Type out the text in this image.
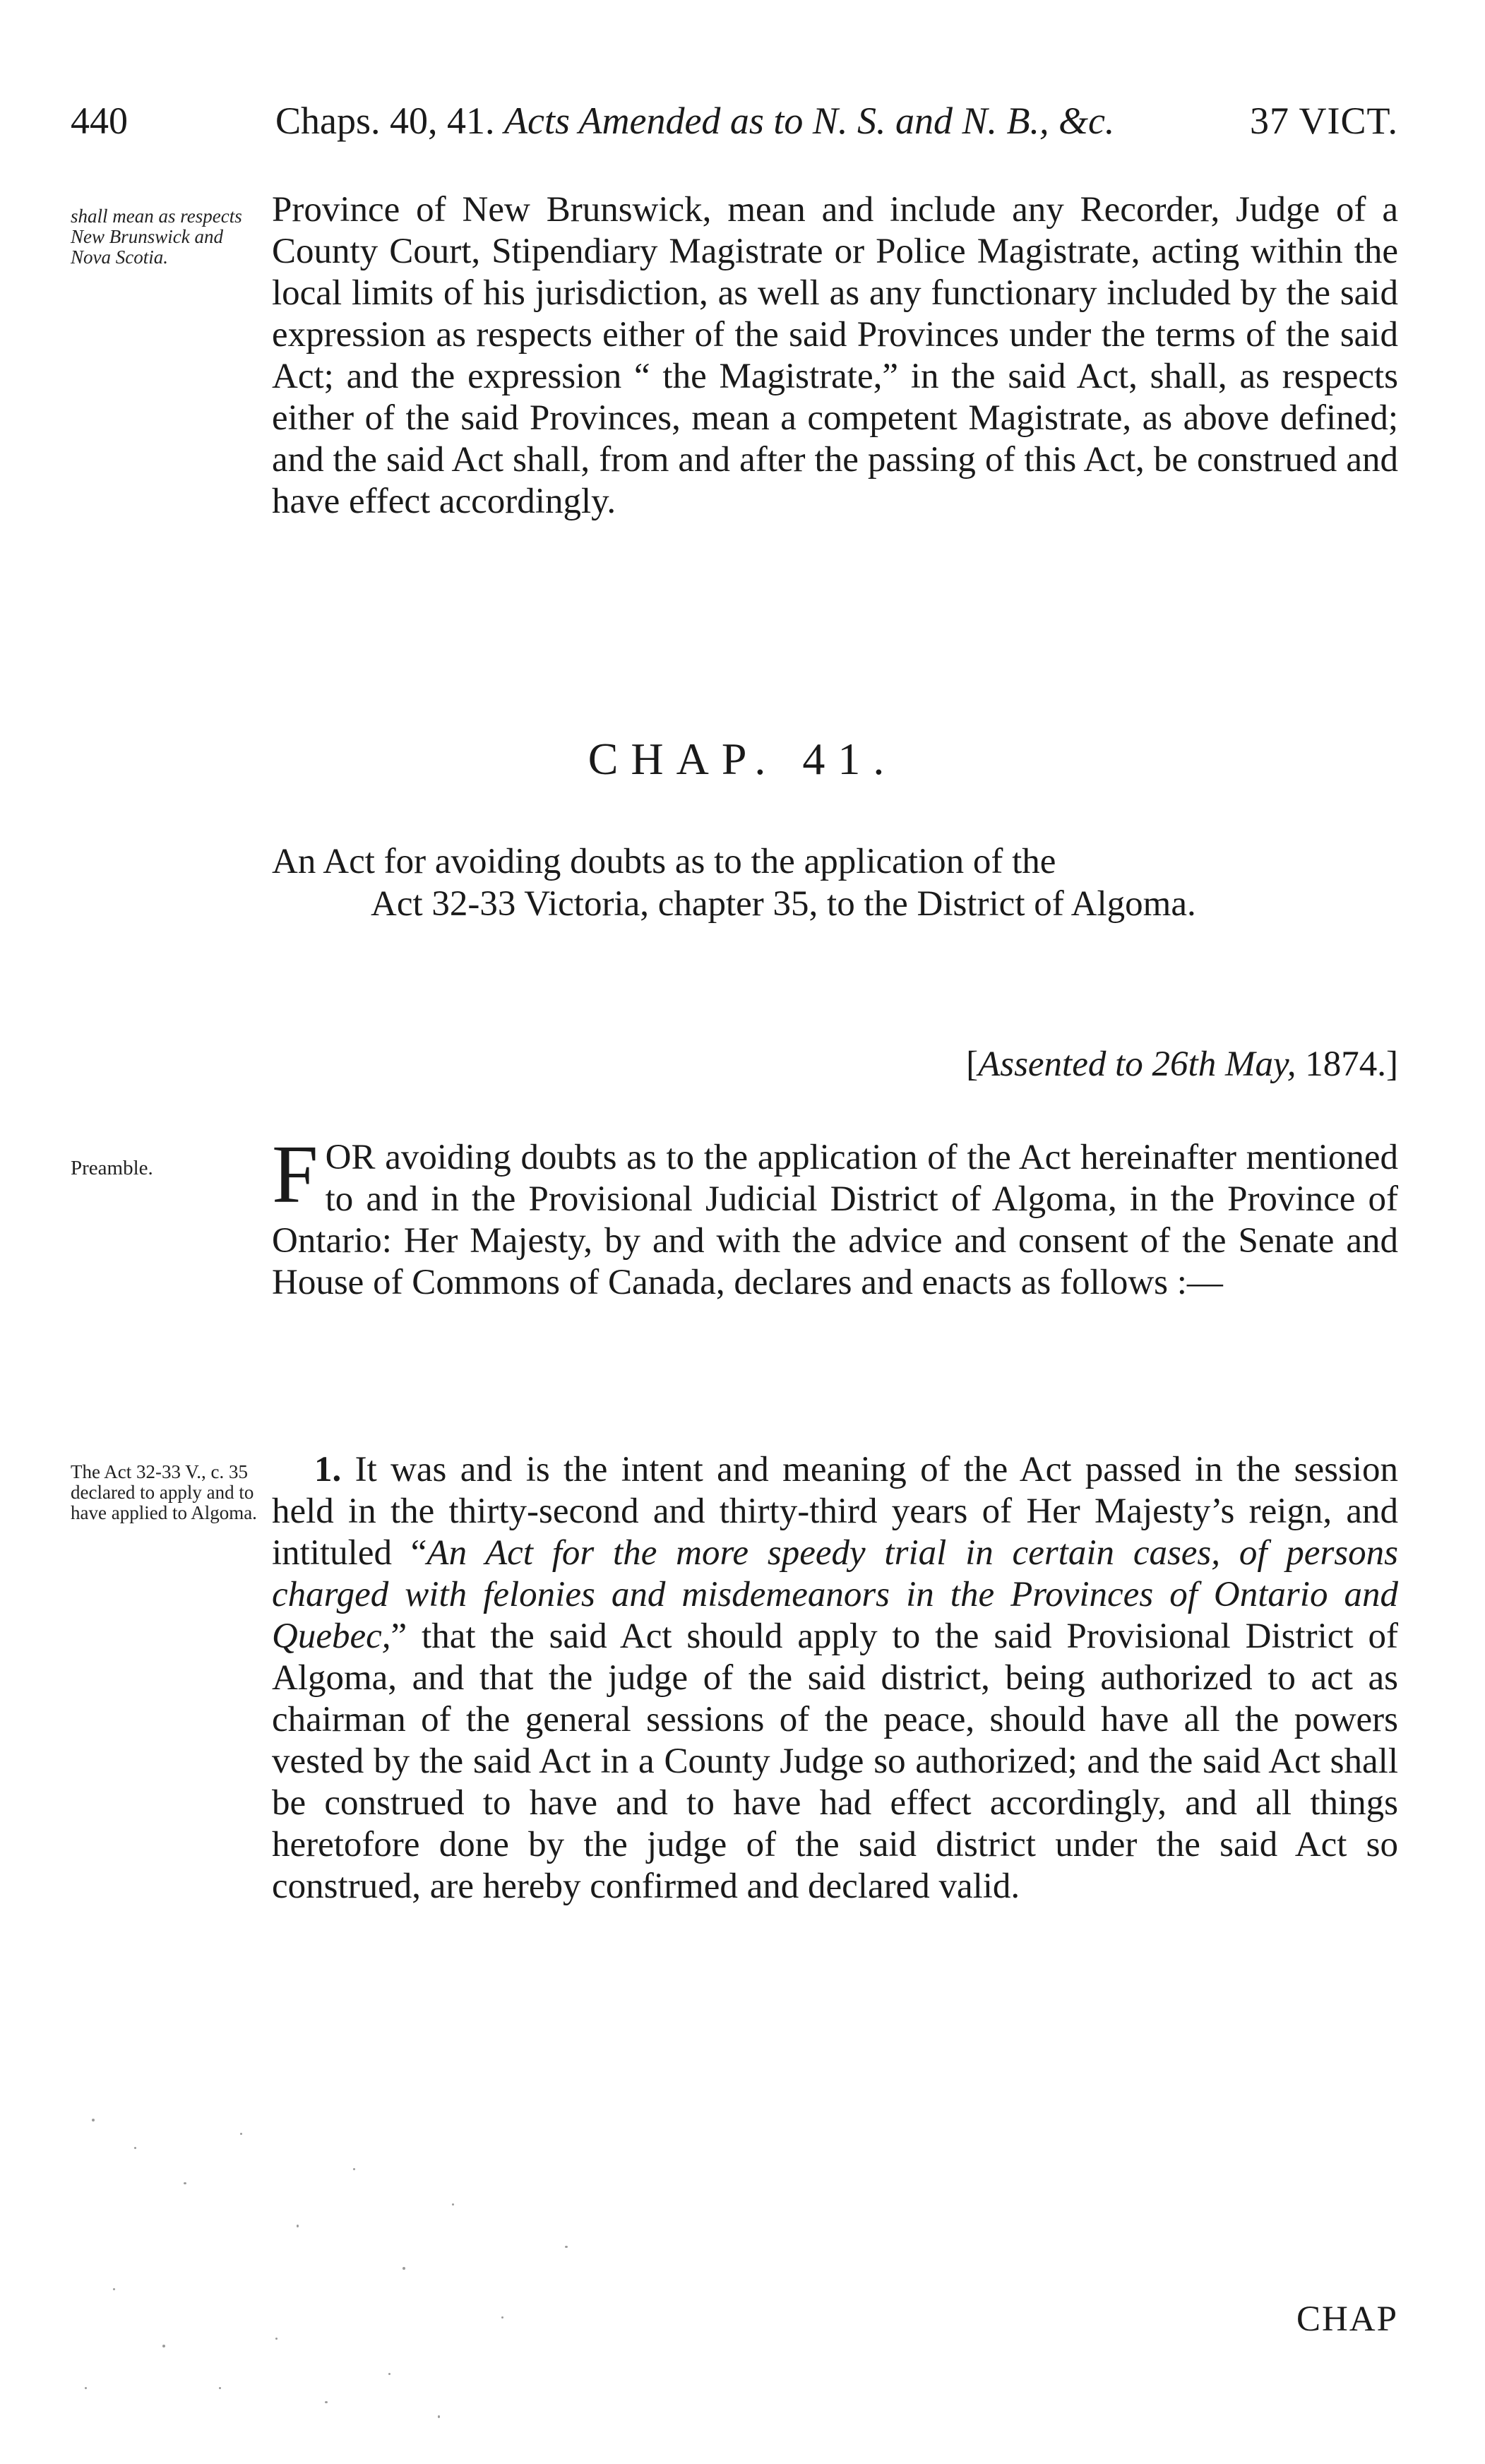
440	Chaps. 40, 41. Acts Amended as to N. S. and N. B., &c.	37 VICT.
shall mean as respects New Brunswick and Nova Scotia.

Province of New Brunswick, mean and include any Recorder, Judge of a County Court, Stipendiary Magistrate or Police Magistrate, acting within the local limits of his jurisdiction, as well as any functionary included by the said expression as respects either of the said Provinces under the terms of the said Act; and the expression “ the Magistrate,” in the said Act, shall, as respects either of the said Provinces, mean a competent Magistrate, as above defined; and the said Act shall, from and after the passing of this Act, be construed and have effect accordingly.

CHAP. 41.
An Act for avoiding doubts as to the application of the
Act 32-33 Victoria, chapter 35, to the District of Algoma.
[Assented to 26th May, 1874.]
Preamble.	FOR avoiding doubts as to the application of the Act hereinafter mentioned to and in the Provisional Judicial District of Algoma, in the Province of Ontario: Her Majesty, by and with the advice and consent of the Senate and House of Commons of Canada, declares and enacts as follows :—

The Act 32-33 V., c. 35 declared to apply and to have applied to Algoma.

1. It was and is the intent and meaning of the Act passed in the session held in the thirty-second and thirty-third years of Her Majesty’s reign, and intituled “An Act for the more speedy trial in certain cases, of persons charged with felonies and misdemeanors in the Provinces of Ontario and Quebec,” that the said Act should apply to the said Provisional District of Algoma, and that the judge of the said district, being authorized to act as chairman of the general sessions of the peace, should have all the powers vested by the said Act in a County Judge so authorized; and the said Act shall be construed to have and to have had effect accordingly, and all things heretofore done by the judge of the said district under the said Act so construed, are hereby confirmed and declared valid.

CHAP
